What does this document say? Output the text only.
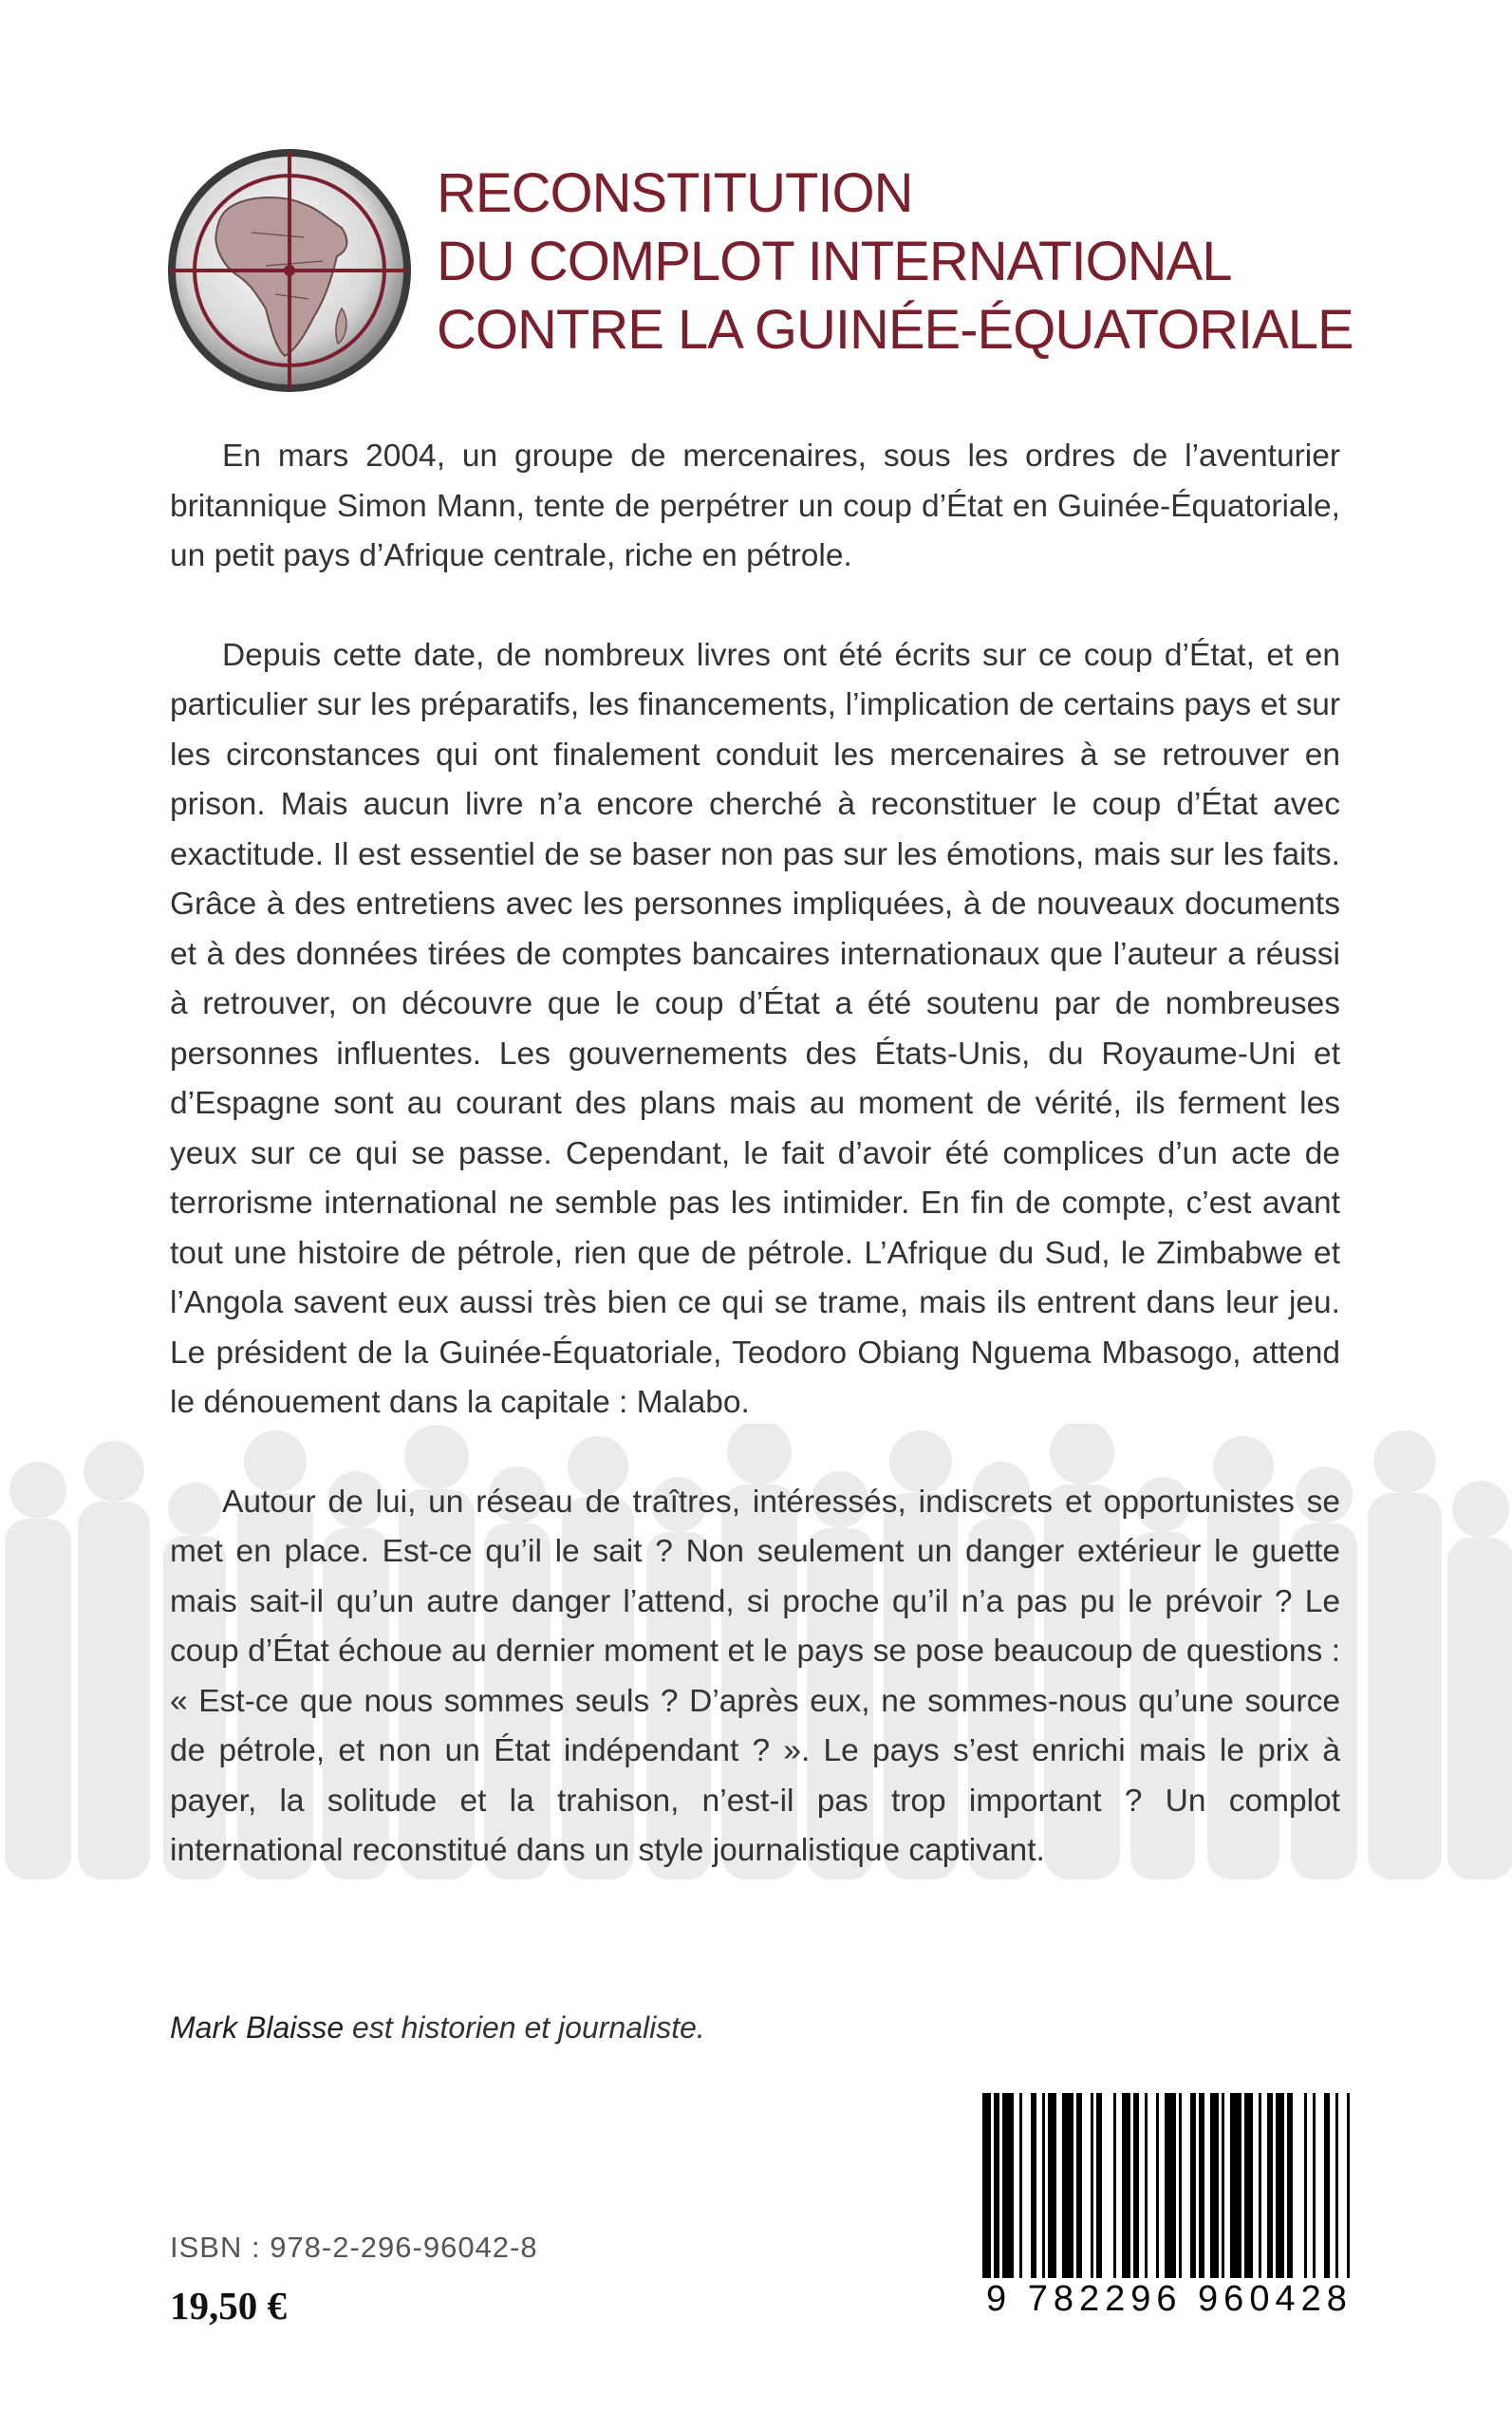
RECONSTITUTION
DU COMPLOT INTERNATIONAL
CONTRE LA GUINÉE-ÉQUATORIALE

En mars 2004, un groupe de mercenaires, sous les ordres de l’aventurier britannique Simon Mann, tente de perpétrer un coup d’État en Guinée-Équatoriale, un petit pays d’Afrique centrale, riche en pétrole.

Depuis cette date, de nombreux livres ont été écrits sur ce coup d’État, et en particulier sur les préparatifs, les financements, l’implication de certains pays et sur les circonstances qui ont finalement conduit les mercenaires à se retrouver en prison. Mais aucun livre n’a encore cherché à reconstituer le coup d’État avec exactitude. Il est essentiel de se baser non pas sur les émotions, mais sur les faits. Grâce à des entretiens avec les personnes impliquées, à de nouveaux documents et à des données tirées de comptes bancaires internationaux que l’auteur a réussi à retrouver, on découvre que le coup d’État a été soutenu par de nombreuses personnes influentes. Les gouvernements des États-Unis, du Royaume-Uni et d’Espagne sont au courant des plans mais au moment de vérité, ils ferment les yeux sur ce qui se passe. Cependant, le fait d’avoir été complices d’un acte de terrorisme international ne semble pas les intimider. En fin de compte, c’est avant tout une histoire de pétrole, rien que de pétrole. L’Afrique du Sud, le Zimbabwe et l’Angola savent eux aussi très bien ce qui se trame, mais ils entrent dans leur jeu. Le président de la Guinée-Équatoriale, Teodoro Obiang Nguema Mbasogo, attend le dénouement dans la capitale : Malabo.

Autour de lui, un réseau de traîtres, intéressés, indiscrets et opportunistes se met en place. Est-ce qu’il le sait ? Non seulement un danger extérieur le guette mais sait-il qu’un autre danger l’attend, si proche qu’il n’a pas pu le prévoir ? Le coup d’État échoue au dernier moment et le pays se pose beaucoup de questions : « Est-ce que nous sommes seuls ? D’après eux, ne sommes-nous qu’une source de pétrole, et non un État indépendant ? ». Le pays s’est enrichi mais le prix à payer, la solitude et la trahison, n’est-il pas trop important ? Un complot international reconstitué dans un style journalistique captivant.

Mark Blaisse est historien et journaliste.
ISBN : 978-2-296-96042-8
19,50 €	9 782296 960428
